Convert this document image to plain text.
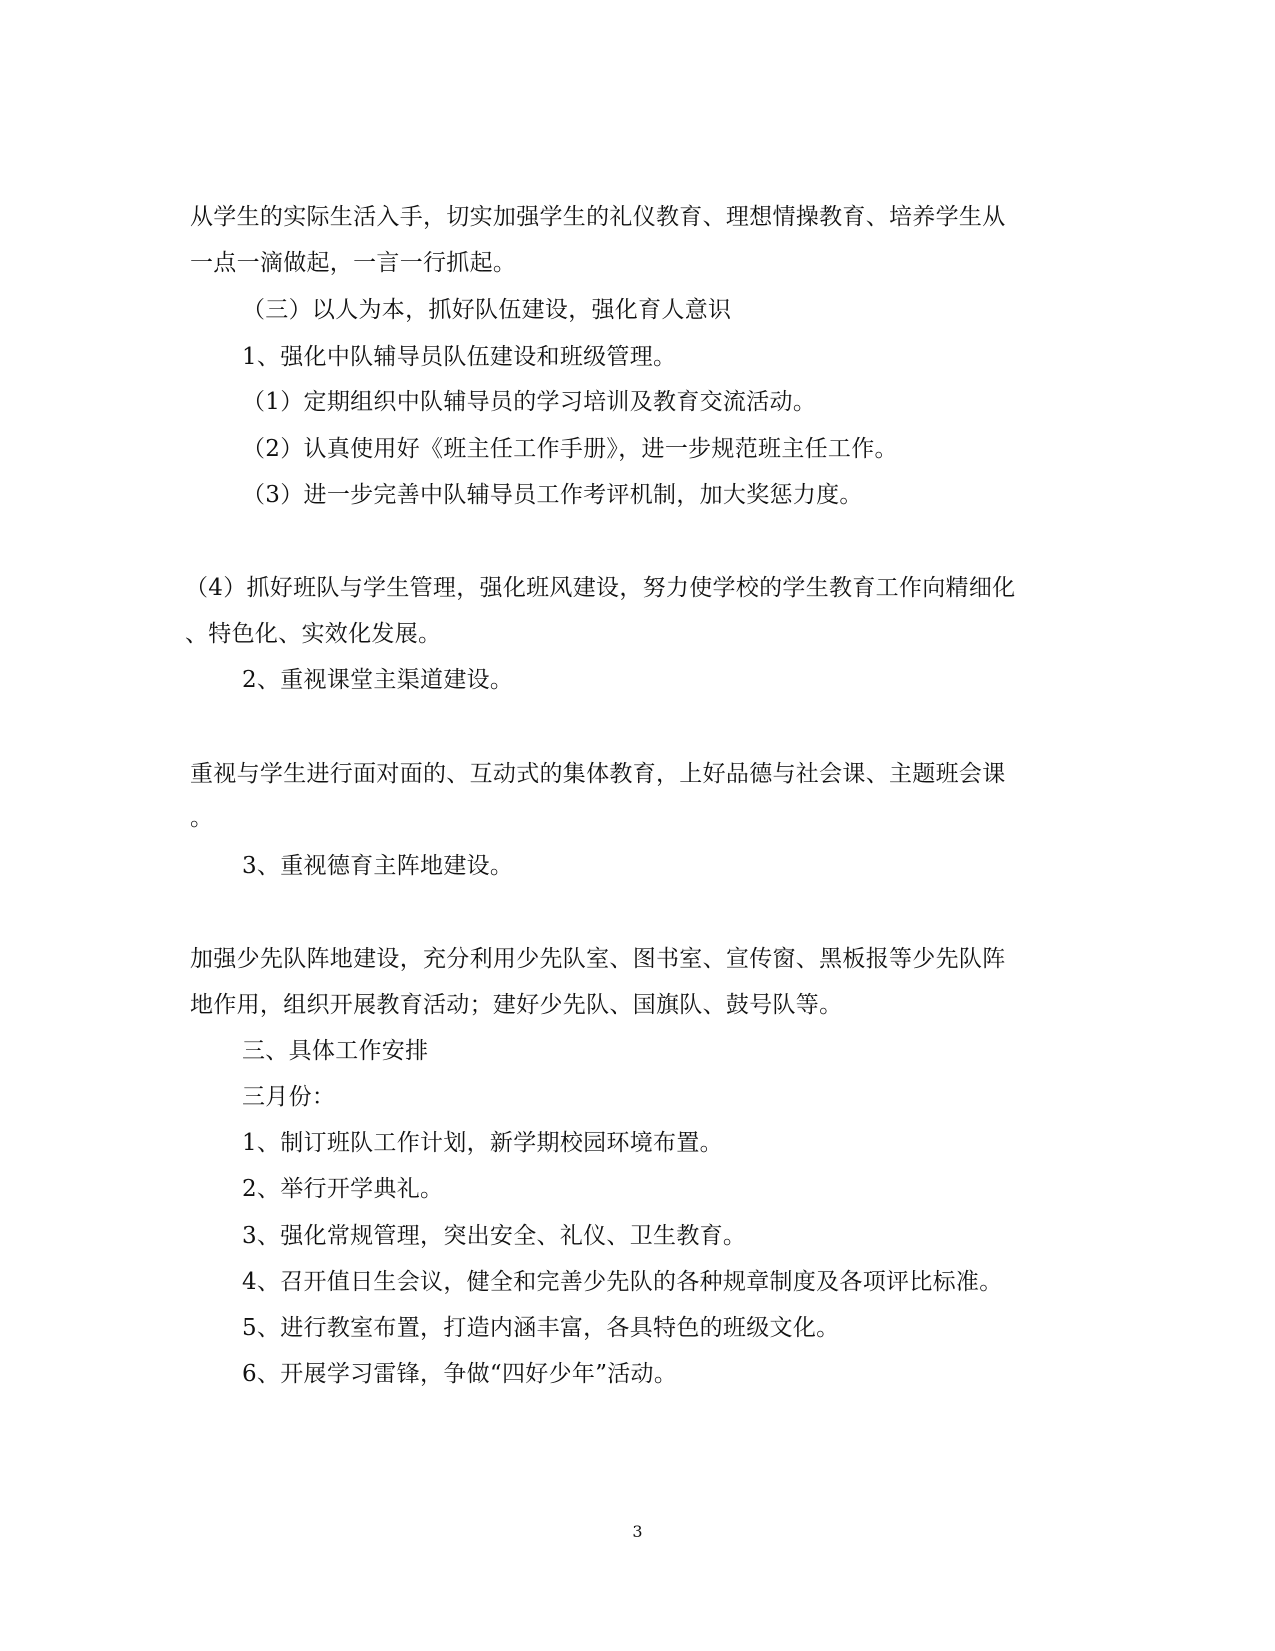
从学生的实际生活入手，切实加强学生的礼仪教育、理想情操教育、培养学生从
一点一滴做起，一言一行抓起。
（三）以人为本，抓好队伍建设，强化育人意识
1、强化中队辅导员队伍建设和班级管理。
（1）定期组织中队辅导员的学习培训及教育交流活动。
（2）认真使用好《班主任工作手册》，进一步规范班主任工作。
（3）进一步完善中队辅导员工作考评机制，加大奖惩力度。
（4）抓好班队与学生管理，强化班风建设，努力使学校的学生教育工作向精细化
、特色化、实效化发展。
2、重视课堂主渠道建设。
重视与学生进行面对面的、互动式的集体教育，上好品德与社会课、主题班会课
。
3、重视德育主阵地建设。
加强少先队阵地建设，充分利用少先队室、图书室、宣传窗、黑板报等少先队阵
地作用，组织开展教育活动；建好少先队、国旗队、鼓号队等。
三、具体工作安排
三月份：
1、制订班队工作计划，新学期校园环境布置。
2、举行开学典礼。
3、强化常规管理，突出安全、礼仪、卫生教育。
4、召开值日生会议，健全和完善少先队的各种规章制度及各项评比标准。
5、进行教室布置，打造内涵丰富，各具特色的班级文化。
6、开展学习雷锋，争做“四好少年”活动。
3
